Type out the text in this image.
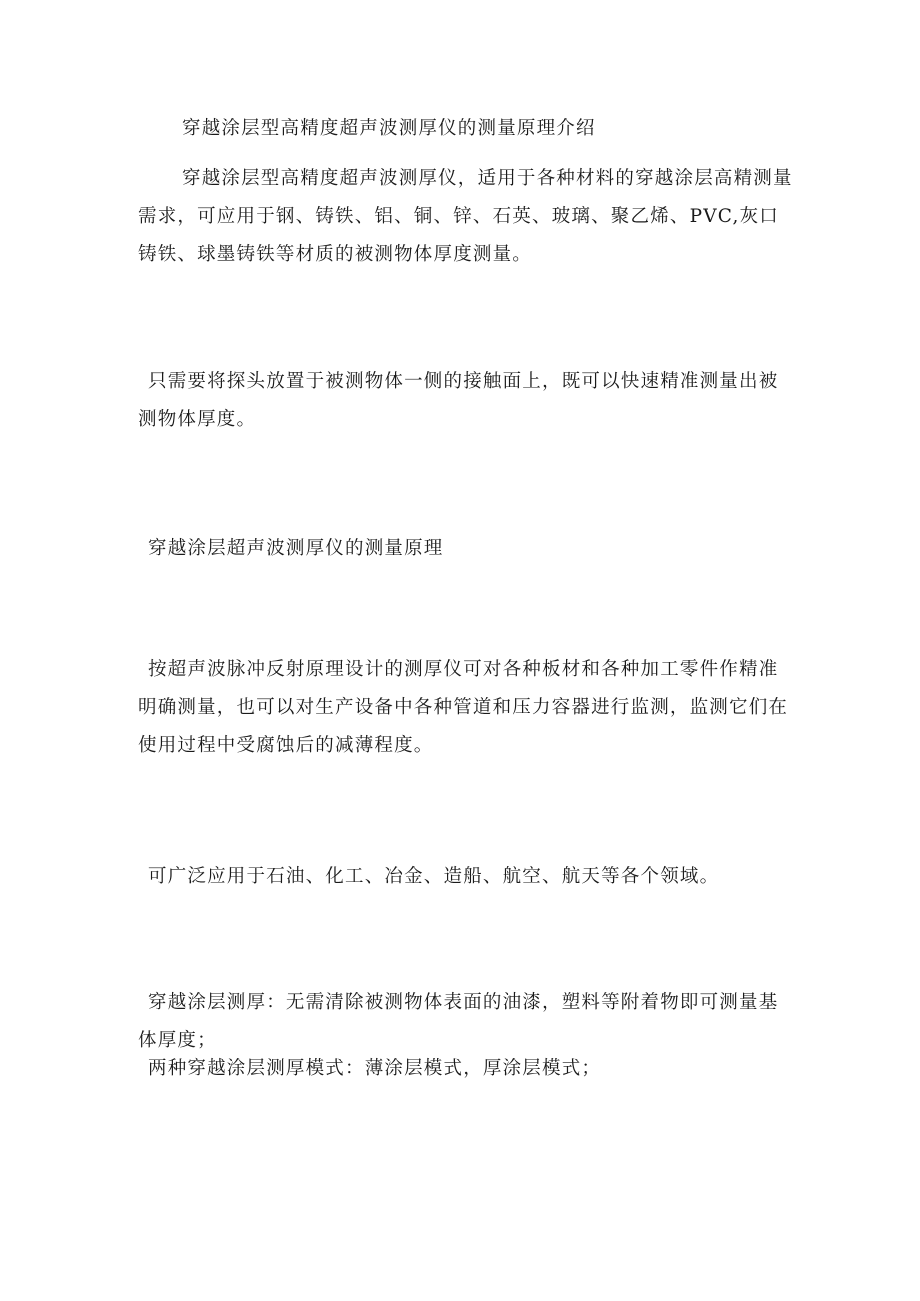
穿越涂层型高精度超声波测厚仪的测量原理介绍
穿越涂层型高精度超声波测厚仪，适用于各种材料的穿越涂层高精测量需求，可应用于钢、铸铁、铝、铜、锌、石英、玻璃、聚乙烯、PVC,灰口铸铁、球墨铸铁等材质的被测物体厚度测量。
只需要将探头放置于被测物体一侧的接触面上，既可以快速精准测量出被测物体厚度。
穿越涂层超声波测厚仪的测量原理
按超声波脉冲反射原理设计的测厚仪可对各种板材和各种加工零件作精准明确测量，也可以对生产设备中各种管道和压力容器进行监测，监测它们在使用过程中受腐蚀后的减薄程度。
可广泛应用于石油、化工、冶金、造船、航空、航天等各个领域。
穿越涂层测厚：无需清除被测物体表面的油漆，塑料等附着物即可测量基体厚度；
两种穿越涂层测厚模式：薄涂层模式，厚涂层模式；
